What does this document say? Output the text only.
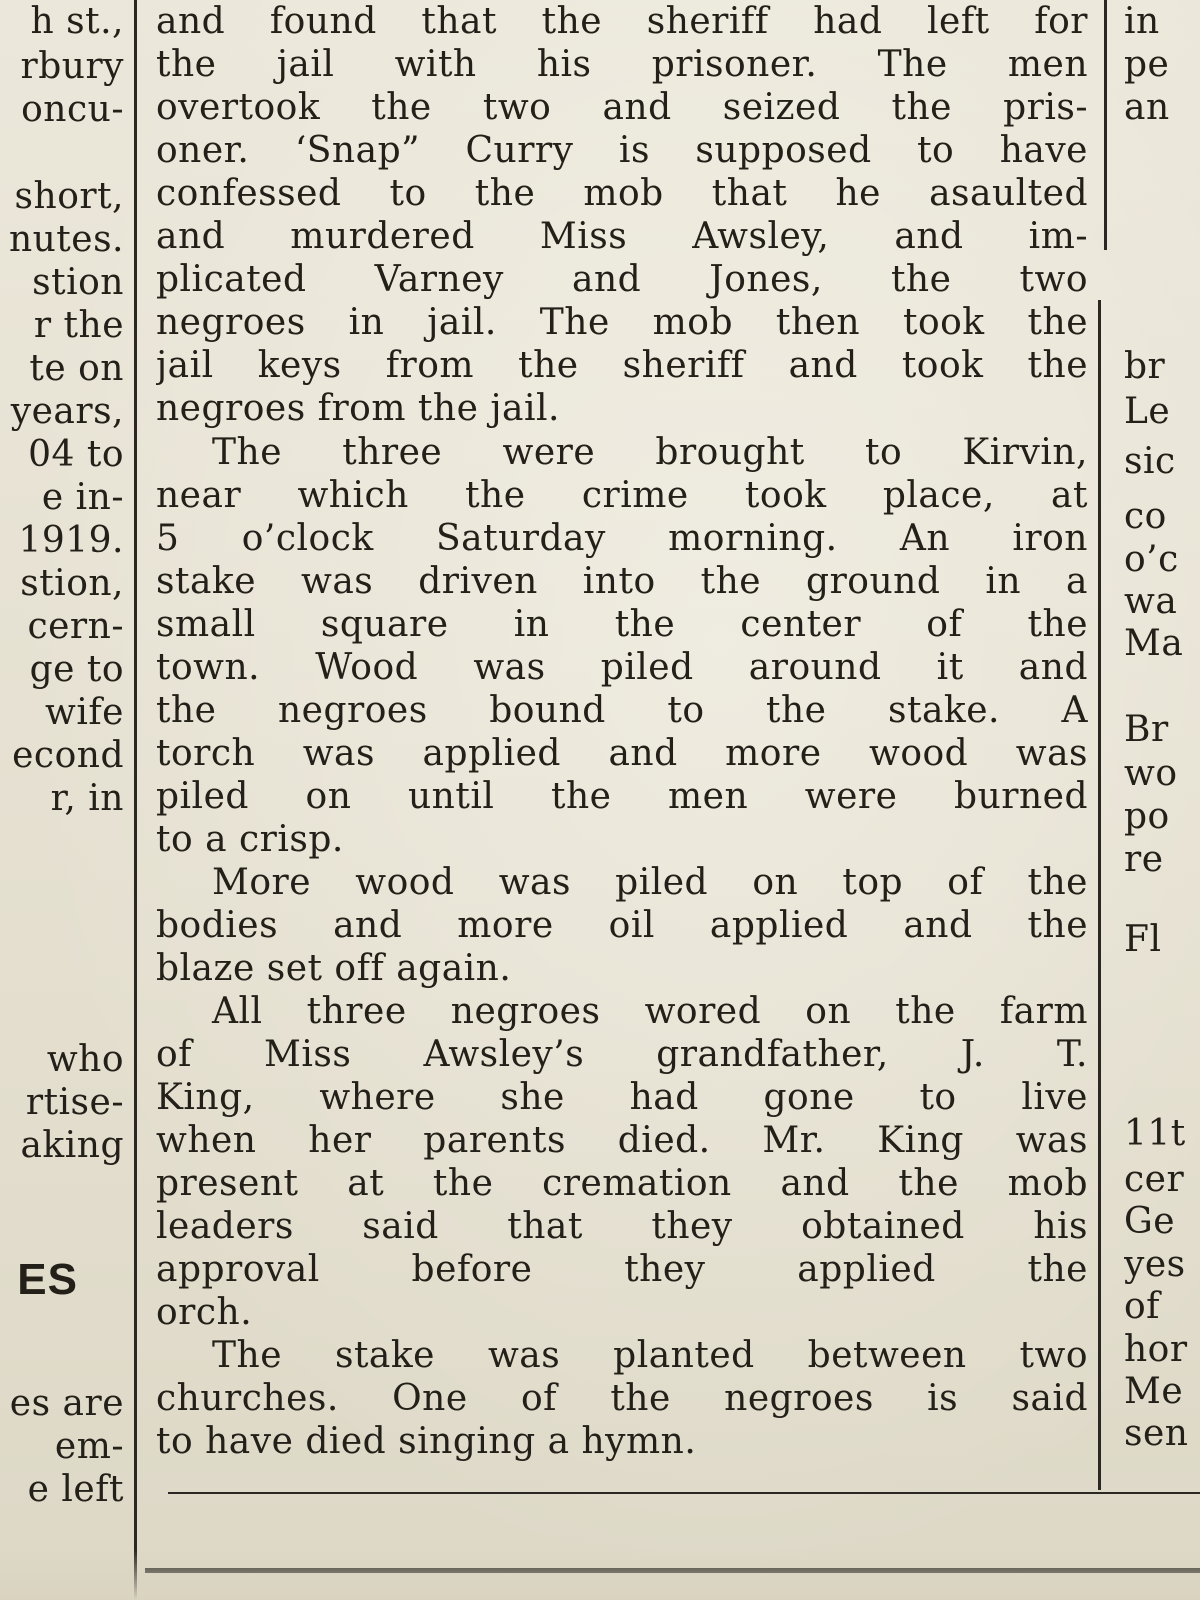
h st.,
rbury
oncu-
short,
nutes.
stion
r the
te on
years,
04 to
e in-
1919.
stion,
cern-
ge to
wife
econd
r, in
who
rtise-
aking
ES
es are
em-
e left
and found that the sheriff had left for
the jail with his prisoner. The men
overtook the two and seized the pris-
oner. ‘Snap” Curry is supposed to have
confessed to the mob that he asaulted
and murdered Miss Awsley, and im-
plicated Varney and Jones, the two
negroes in jail. The mob then took the
jail keys from the sheriff and took the
negroes from the jail.
The three were brought to Kirvin,
near which the crime took place, at
5 o’clock Saturday morning. An iron
stake was driven into the ground in a
small square in the center of the
town. Wood was piled around it and
the negroes bound to the stake. A
torch was applied and more wood was
piled on until the men were burned
to a crisp.
More wood was piled on top of the
bodies and more oil applied and the
blaze set off again.
All three negroes wored on the farm
of Miss Awsley’s grandfather, J. T.
King, where she had gone to live
when her parents died. Mr. King was
present at the cremation and the mob
leaders said that they obtained his
approval before they applied the
orch.
The stake was planted between two
churches. One of the negroes is said
to have died singing a hymn.
in
pe
an
br
Le
sic
co
o’c
wa
Ma
Br
wo
po
re
Fl
11t
cer
Ge
yes
of
hor
Me
sen
